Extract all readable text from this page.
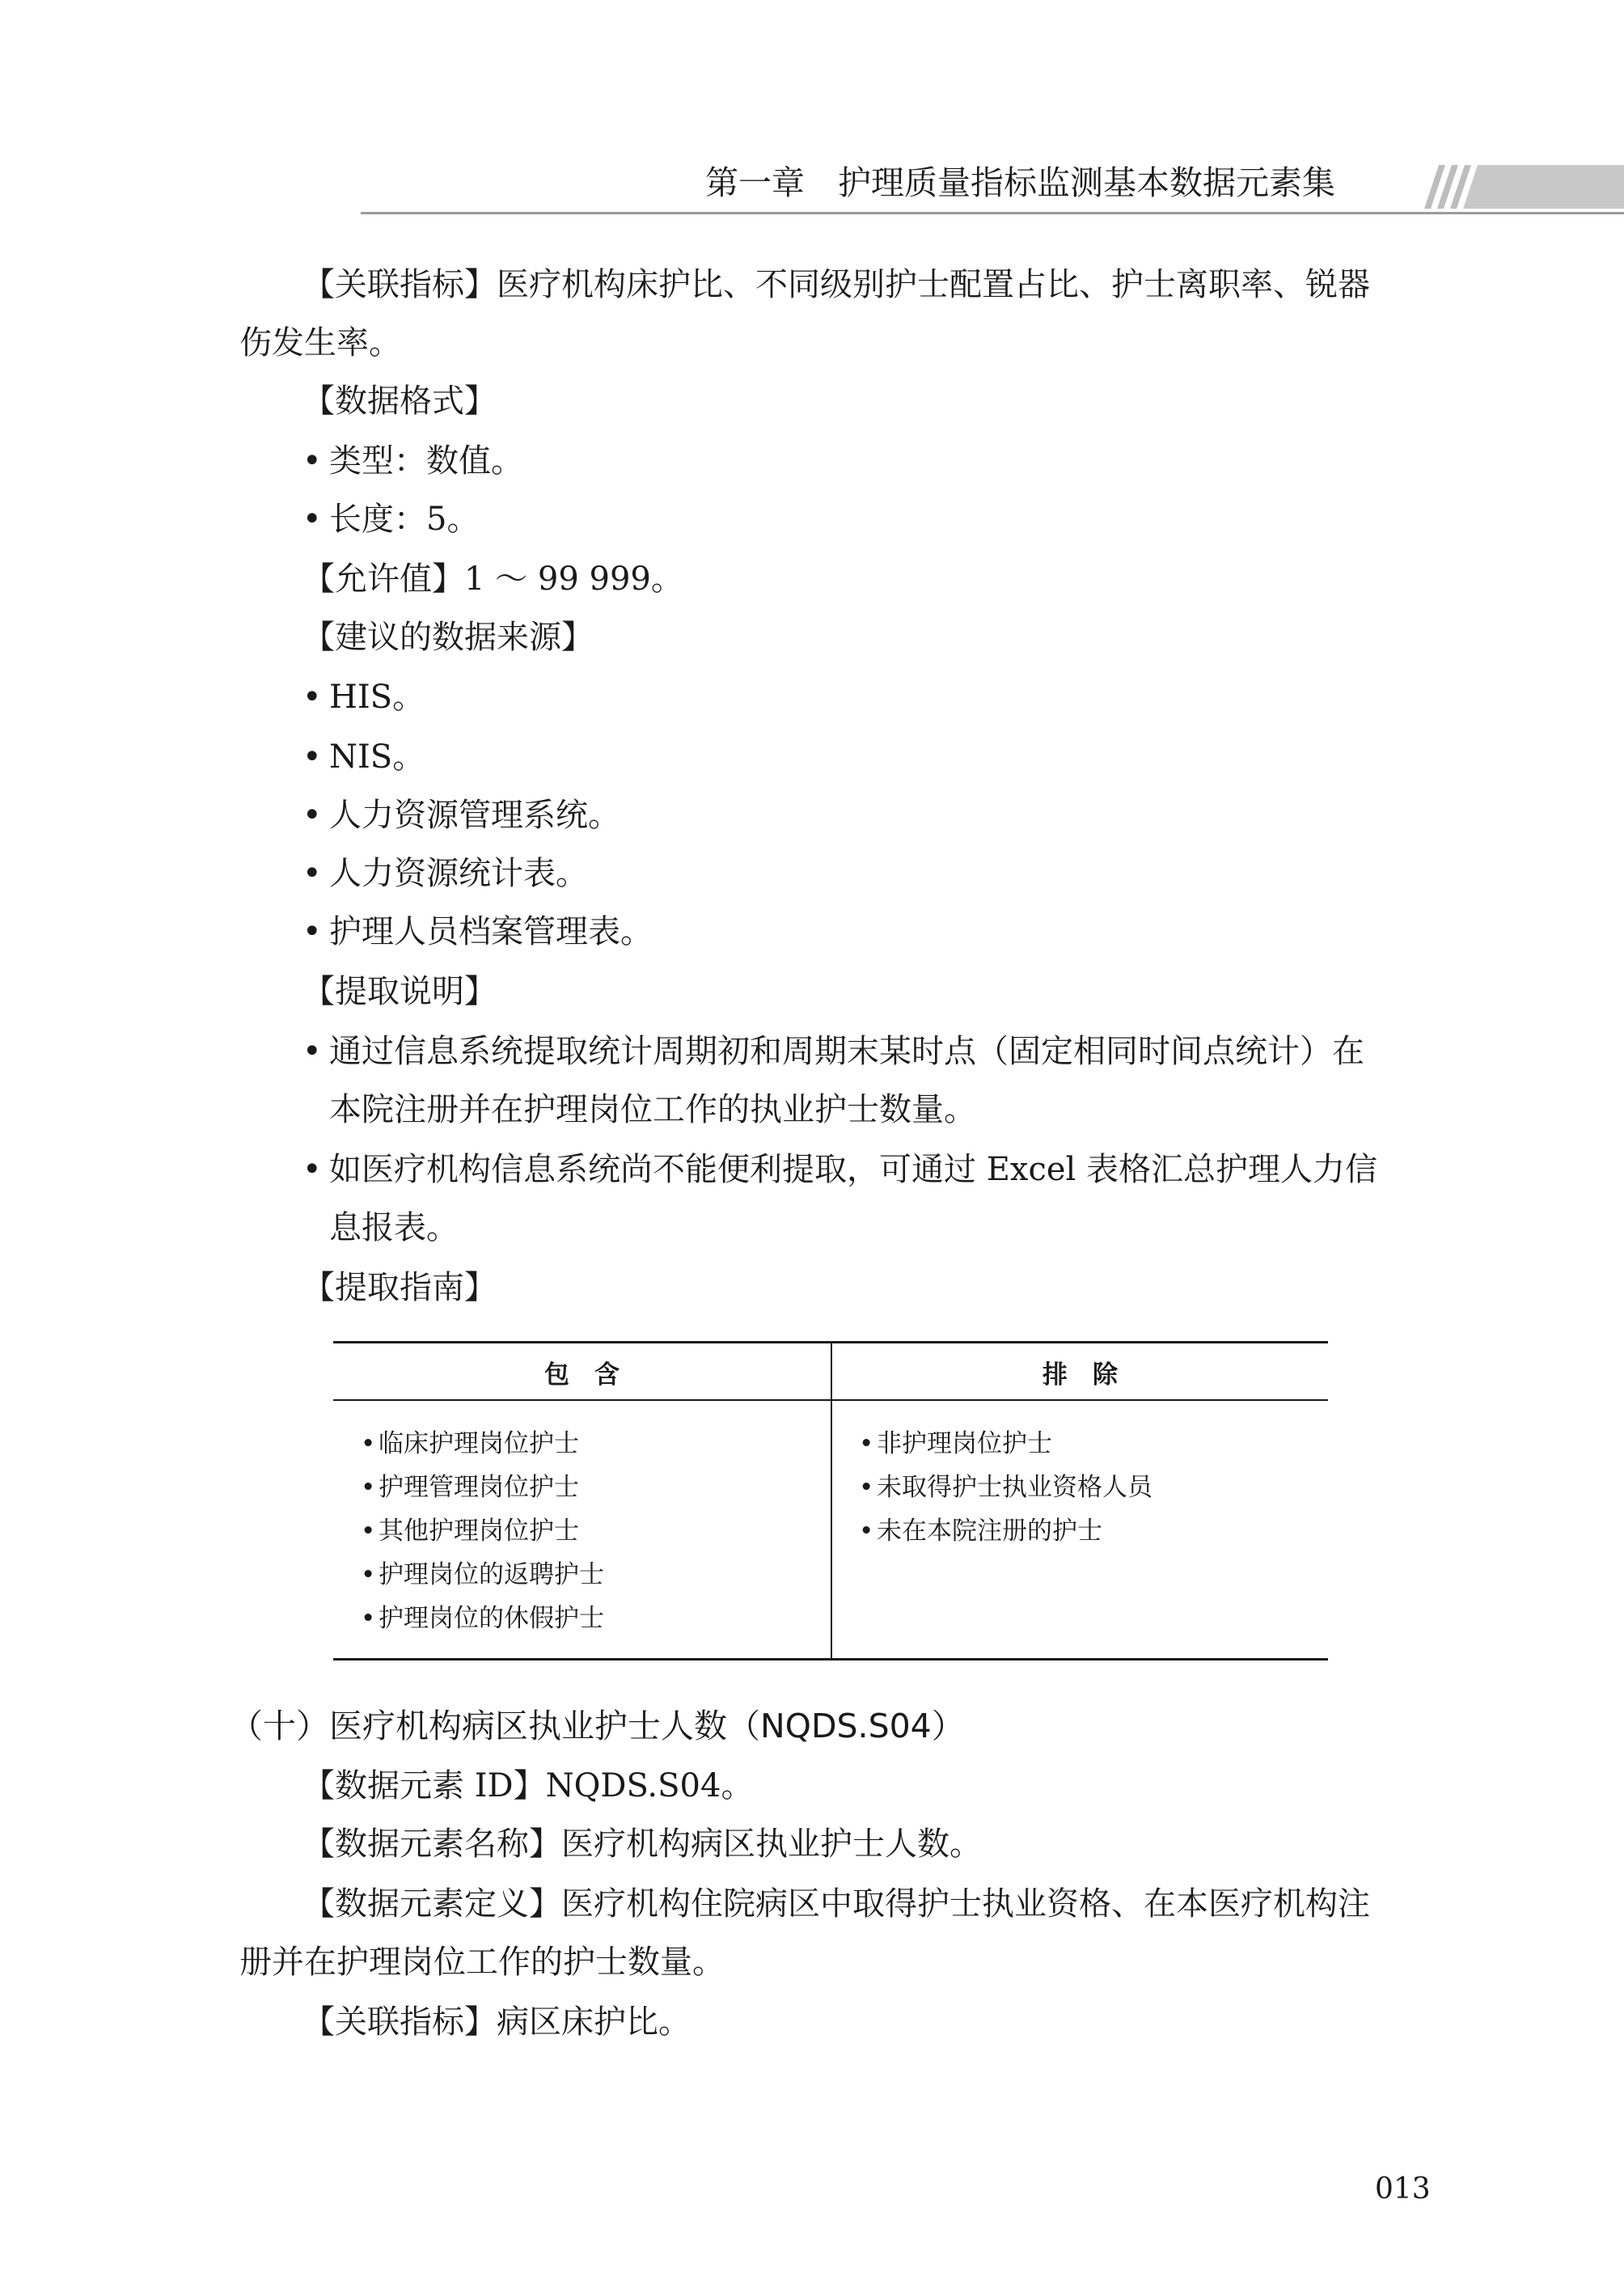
第一章　护理质量指标监测基本数据元素集
【关联指标】医疗机构床护比、不同级别护士配置占比、护士离职率、锐器
伤发生率。
【数据格式】
• 类型：数值。
• 长度：5。
【允许值】1 ～ 99 999。
【建议的数据来源】
• HIS。
• NIS。
• 人力资源管理系统。
• 人力资源统计表。
• 护理人员档案管理表。
【提取说明】
• 通过信息系统提取统计周期初和周期末某时点（固定相同时间点统计）在
本院注册并在护理岗位工作的执业护士数量。
• 如医疗机构信息系统尚不能便利提取，可通过 Excel 表格汇总护理人力信
息报表。
【提取指南】
包　含	排　除
• 临床护理岗位护士
• 护理管理岗位护士
• 其他护理岗位护士
• 护理岗位的返聘护士
• 护理岗位的休假护士
• 非护理岗位护士
• 未取得护士执业资格人员
• 未在本院注册的护士
（十）医疗机构病区执业护士人数（NQDS.S04）
【数据元素 ID】NQDS.S04。
【数据元素名称】医疗机构病区执业护士人数。
【数据元素定义】医疗机构住院病区中取得护士执业资格、在本医疗机构注
册并在护理岗位工作的护士数量。
【关联指标】病区床护比。
013
